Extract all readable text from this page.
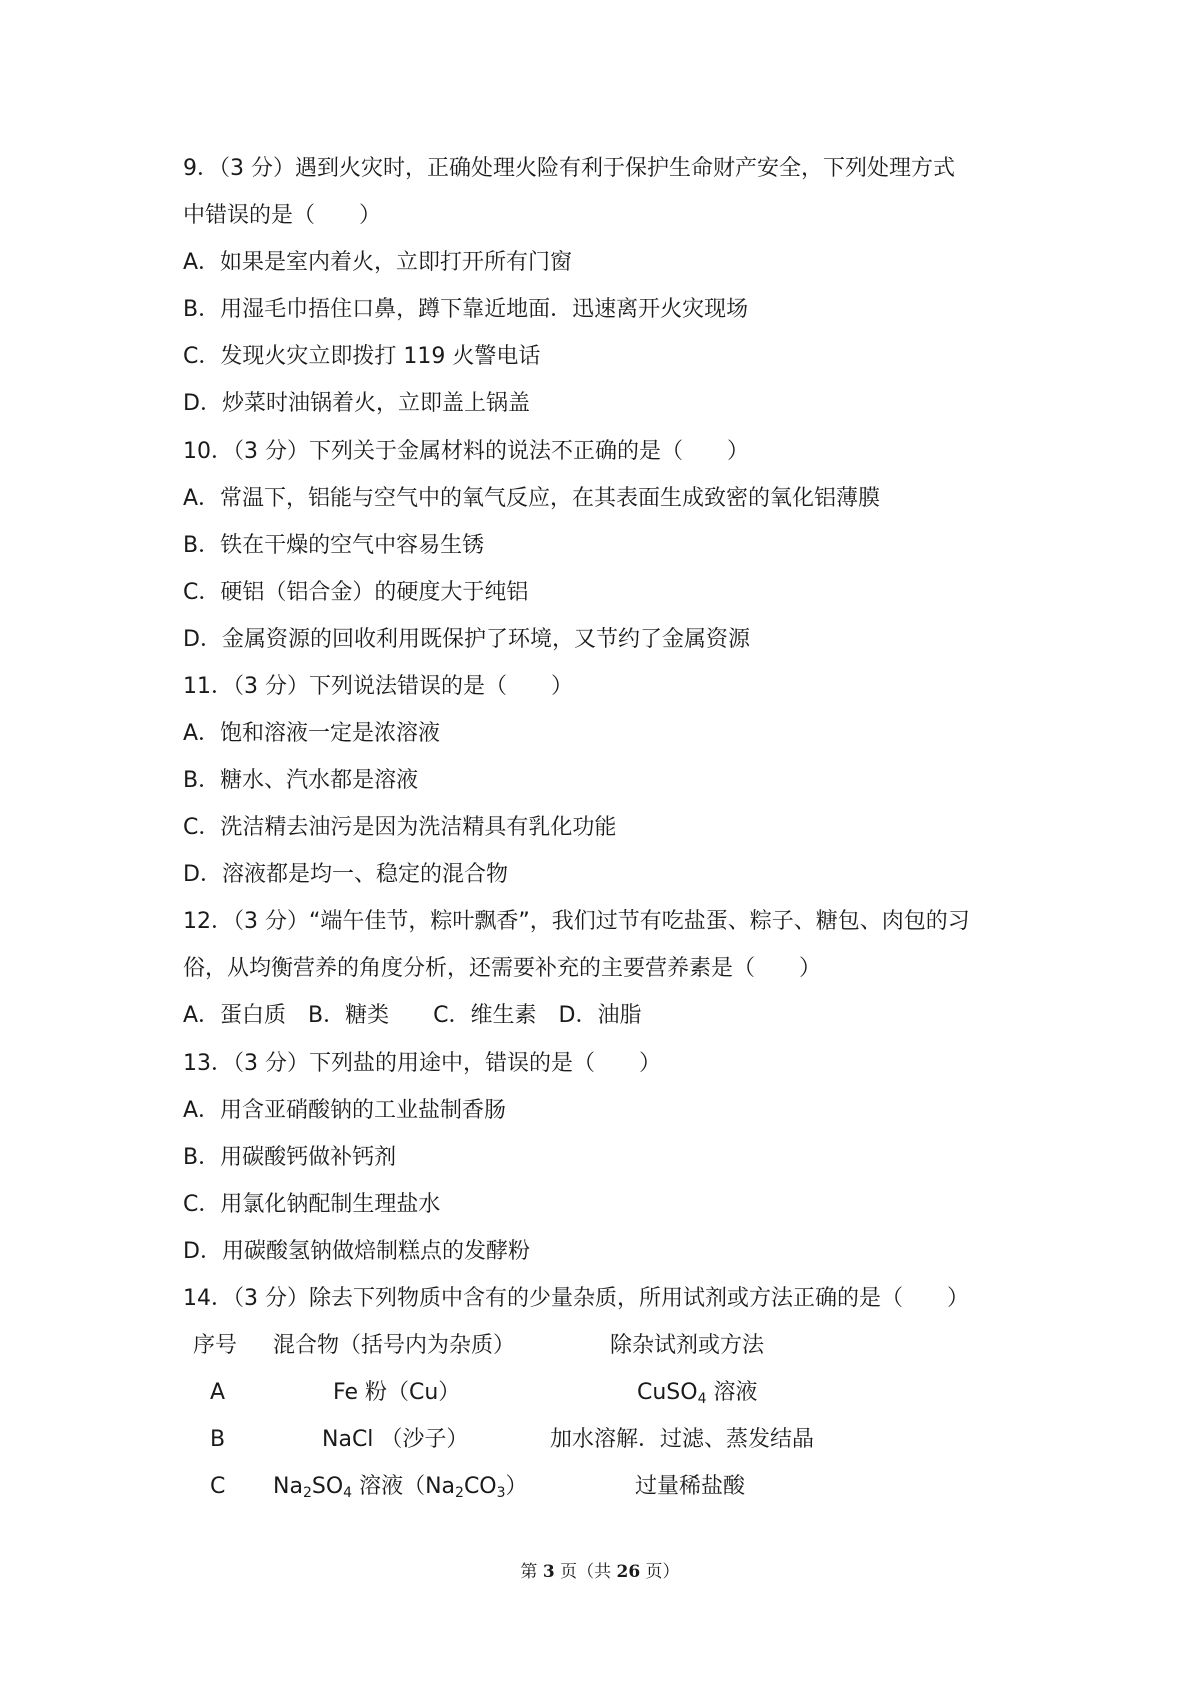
9．（3 分）遇到火灾时，正确处理火险有利于保护生命财产安全，下列处理方式
中错误的是（　　）
A．如果是室内着火，立即打开所有门窗
B．用湿毛巾捂住口鼻，蹲下靠近地面．迅速离开火灾现场
C．发现火灾立即拨打 119 火警电话
D．炒菜时油锅着火，立即盖上锅盖
10．（3 分）下列关于金属材料的说法不正确的是（　　）
A．常温下，铝能与空气中的氧气反应，在其表面生成致密的氧化铝薄膜
B．铁在干燥的空气中容易生锈
C．硬铝（铝合金）的硬度大于纯铝
D．金属资源的回收利用既保护了环境，又节约了金属资源
11．（3 分）下列说法错误的是（　　）
A．饱和溶液一定是浓溶液
B．糖水、汽水都是溶液
C．洗洁精去油污是因为洗洁精具有乳化功能
D．溶液都是均一、稳定的混合物
12．（3 分）“端午佳节，粽叶飘香”，我们过节有吃盐蛋、粽子、糖包、肉包的习
俗，从均衡营养的角度分析，还需要补充的主要营养素是（　　）
A．蛋白质　B．糖类　　C．维生素　D．油脂
13．（3 分）下列盐的用途中，错误的是（　　）
A．用含亚硝酸钠的工业盐制香肠
B．用碳酸钙做补钙剂
C．用氯化钠配制生理盐水
D．用碳酸氢钠做焙制糕点的发酵粉
14．（3 分）除去下列物质中含有的少量杂质，所用试剂或方法正确的是（　　）
序号 混合物（括号内为杂质）	除杂试剂或方法
A	Fe 粉（Cu）	CuSO$_4$ 溶液
B	NaCl （沙子）	加水溶解．过滤、蒸发结晶
C $Na_2SO_4$ 溶液$(Na_2CO_3)$	过量稀盐酸
第 3 页（共 26 页）
